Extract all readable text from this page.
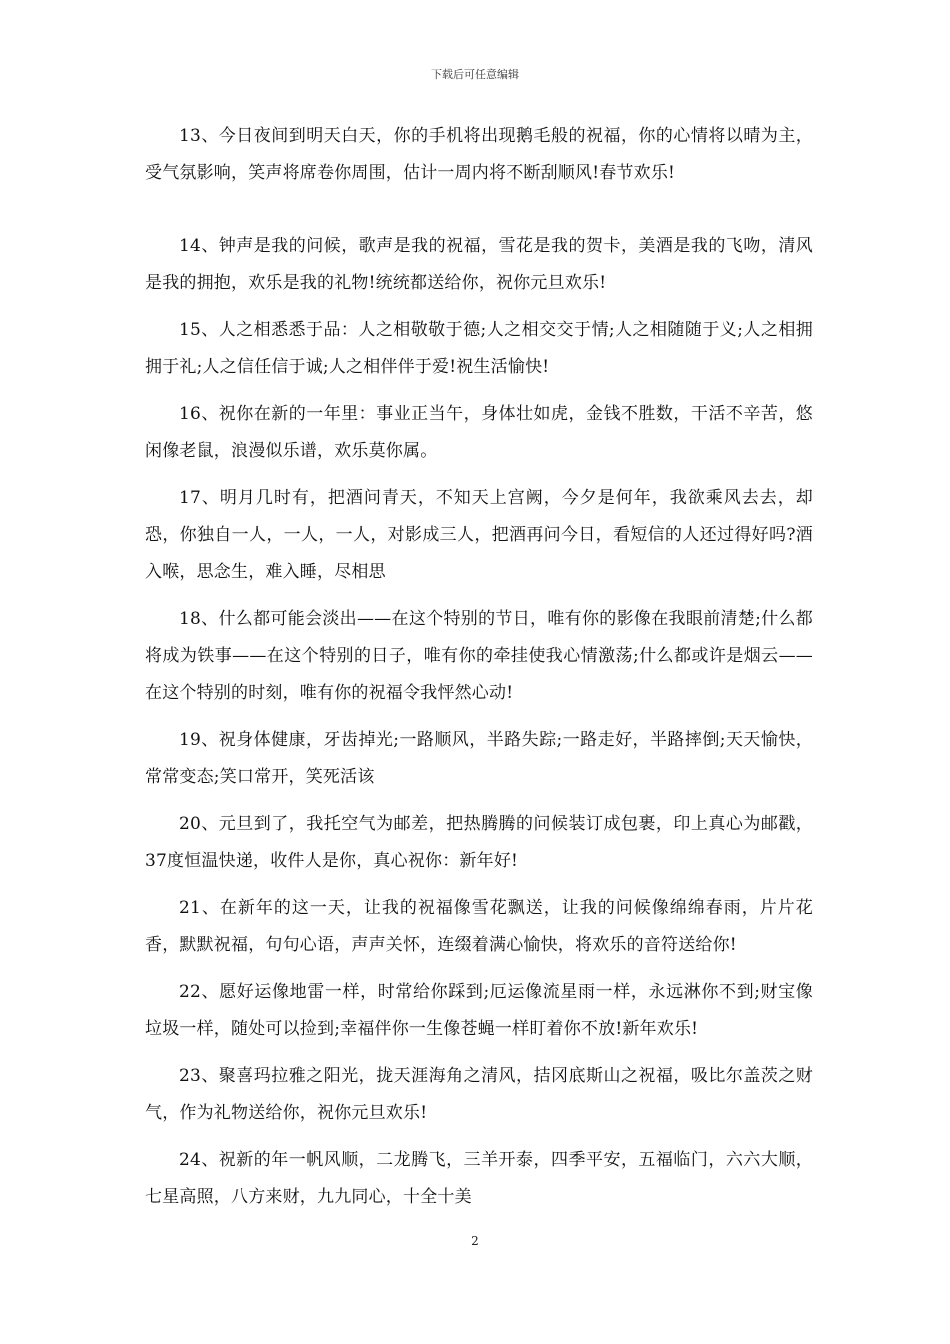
下载后可任意编辑

13、今日夜间到明天白天，你的手机将出现鹅毛般的祝福，你的心情将以晴为主，受气氛影响，笑声将席卷你周围，估计一周内将不断刮顺风!春节欢乐!

14、钟声是我的问候，歌声是我的祝福，雪花是我的贺卡，美酒是我的飞吻，清风是我的拥抱，欢乐是我的礼物!统统都送给你，祝你元旦欢乐!

15、人之相悉悉于品：人之相敬敬于德;人之相交交于情;人之相随随于义;人之相拥拥于礼;人之信任信于诚;人之相伴伴于爱!祝生活愉快!

16、祝你在新的一年里：事业正当午，身体壮如虎，金钱不胜数，干活不辛苦，悠闲像老鼠，浪漫似乐谱，欢乐莫你属。

17、明月几时有，把酒问青天，不知天上宫阙，今夕是何年，我欲乘风去去，却恐，你独自一人，一人，一人，对影成三人，把酒再问今日，看短信的人还过得好吗?酒入喉，思念生，难入睡，尽相思

18、什么都可能会淡出——在这个特别的节日，唯有你的影像在我眼前清楚;什么都将成为铁事——在这个特别的日子，唯有你的牵挂使我心情激荡;什么都或许是烟云——在这个特别的时刻，唯有你的祝福令我怦然心动!

19、祝身体健康，牙齿掉光;一路顺风，半路失踪;一路走好，半路摔倒;天天愉快，常常变态;笑口常开，笑死活该

20、元旦到了，我托空气为邮差，把热腾腾的问候装订成包裹，印上真心为邮戳，37度恒温快递，收件人是你，真心祝你：新年好!

21、在新年的这一天，让我的祝福像雪花飘送，让我的问候像绵绵春雨，片片花香，默默祝福，句句心语，声声关怀，连缀着满心愉快，将欢乐的音符送给你!

22、愿好运像地雷一样，时常给你踩到;厄运像流星雨一样，永远淋你不到;财宝像垃圾一样，随处可以捡到;幸福伴你一生像苍蝇一样盯着你不放!新年欢乐!

23、聚喜玛拉雅之阳光，拢天涯海角之清风，拮冈底斯山之祝福，吸比尔盖茨之财气，作为礼物送给你，祝你元旦欢乐!

24、祝新的年一帆风顺，二龙腾飞，三羊开泰，四季平安，五福临门，六六大顺，七星高照，八方来财，九九同心，十全十美

2
